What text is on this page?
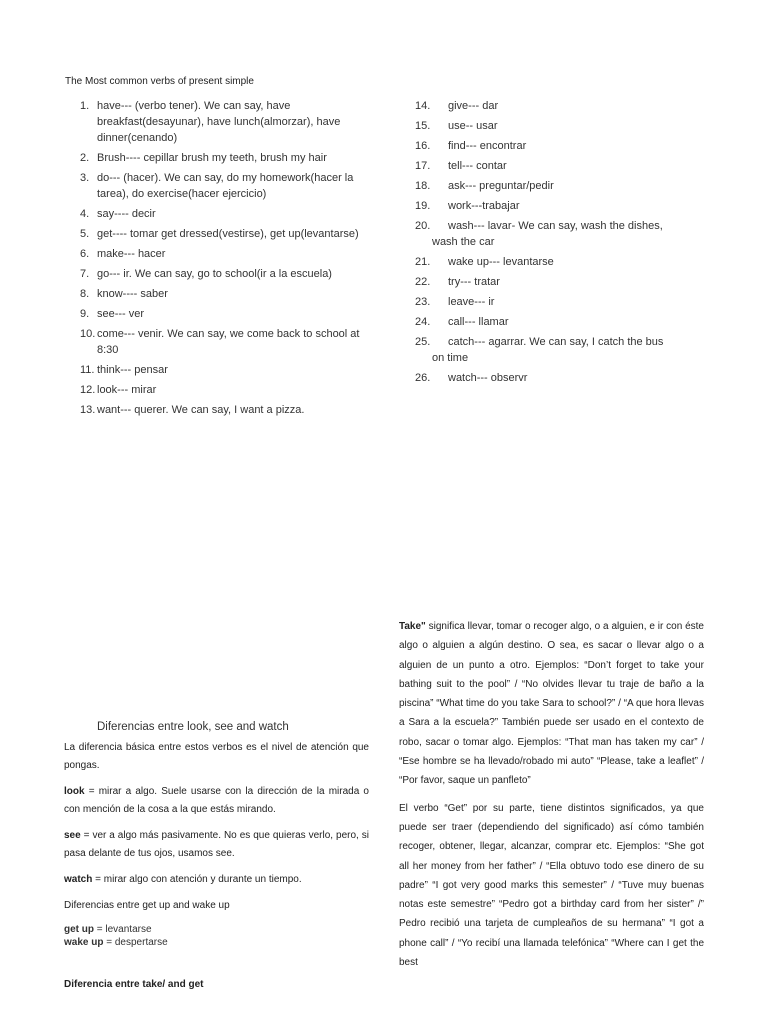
The Most common verbs of present simple

1. have--- (verbo tener). We can say, have breakfast(desayunar), have lunch(almorzar), have dinner(cenando)
2. Brush---- cepillar brush my teeth, brush my hair
3. do--- (hacer). We can say, do my homework(hacer la tarea), do exercise(hacer ejercicio)
4. say---- decir
5. get---- tomar get dressed(vestirse), get up(levantarse)
6. make--- hacer
7. go--- ir. We can say, go to school(ir a la escuela)
8. know---- saber
9. see--- ver
10. come--- venir. We can say, we come back to school at 8:30
11. think--- pensar
12. look--- mirar
13. want--- querer. We can say, I want a pizza.
14. give--- dar
15. use-- usar
16. find--- encontrar
17. tell--- contar
18. ask--- preguntar/pedir
19. work---trabajar
20. wash--- lavar- We can say, wash the dishes,
wash the car
21. wake up--- levantarse
22. try--- tratar
23. leave--- ir
24. call--- llamar
25. catch--- agarrar. We can say, I catch the bus
on time
26. watch--- observr
Diferencias entre look, see and watch

La diferencia básica entre estos verbos es el nivel de atención que pongas.

look = mirar a algo. Suele usarse con la dirección de la mirada o con mención de la cosa a la que estás mirando.

see = ver a algo más pasivamente. No es que quieras verlo, pero, si pasa delante de tus ojos, usamos see.

watch = mirar algo con atención y durante un tiempo.

Diferencias entre get up and wake up

get up = levantarse
wake up = despertarse
Diferencia entre take/ and get

Take" significa llevar, tomar o recoger algo, o a alguien, e ir con éste algo o alguien a algún destino. O sea, es sacar o llevar algo o a alguien de un punto a otro. Ejemplos: “Don’t forget to take your bathing suit to the pool” / “No olvides llevar tu traje de baño a la piscina” “What time do you take Sara to school?” / “A que hora llevas a Sara a la escuela?” También puede ser usado en el contexto de robo, sacar o tomar algo. Ejemplos: “That man has taken my car” / “Ese hombre se ha llevado/robado mi auto” “Please, take a leaflet” / “Por favor, saque un panfleto”

El verbo “Get” por su parte, tiene distintos significados, ya que puede ser traer (dependiendo del significado) así cómo también recoger, obtener, llegar, alcanzar, comprar etc. Ejemplos: “She got all her money from her father” / “Ella obtuvo todo ese dinero de su padre” “I got very good marks this semester” / “Tuve muy buenas notas este semestre” “Pedro got a birthday card from her sister” /” Pedro recibió una tarjeta de cumpleaños de su hermana” “I got a phone call” / “Yo recibí una llamada telefónica” “Where can I get the best
